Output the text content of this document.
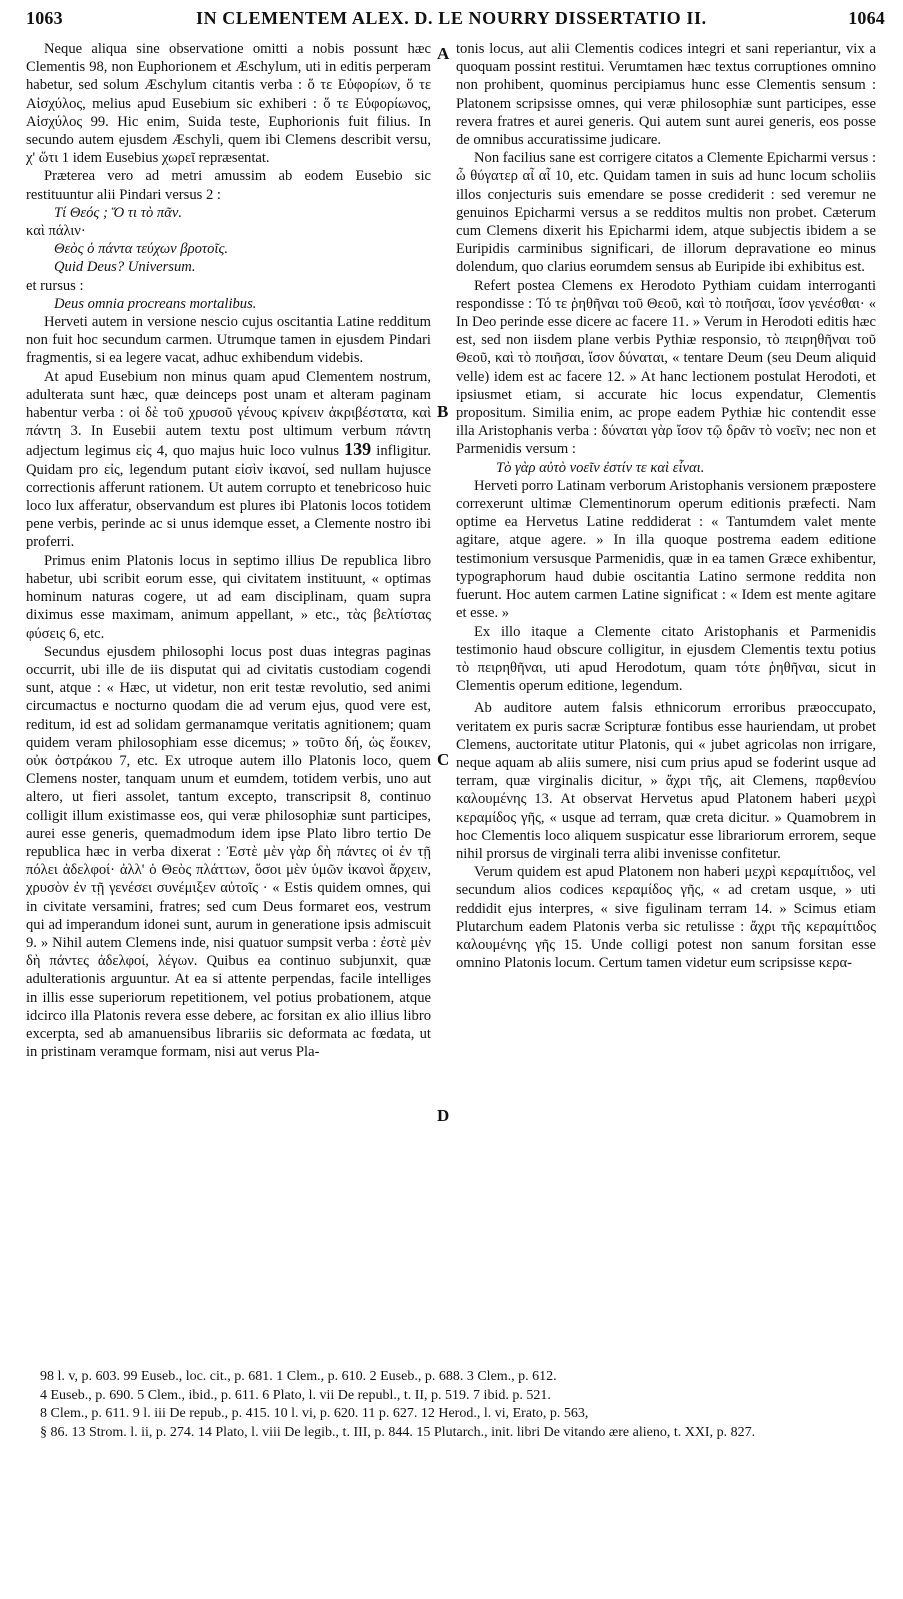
1063	IN CLEMENTEM ALEX. D. LE NOURRY DISSERTATIO II.	1064
A
B
C
D

Neque aliqua sine observatione omitti a nobis possunt hæc Clementis 98, non Euphorionem et Æschylum, uti in editis perperam habetur, sed solum Æschylum citantis verba : ὅ τε Εὐφορίων, ὅ τε Αἰσχύλος, melius apud Eusebium sic exhiberi : ὅ τε Εὐφορίωνος, Αἰσχύλος 99. Hic enim, Suida teste, Euphorionis fuit filius. In secundo autem ejusdem Æschyli, quem ibi Clemens describit versu, χ' ὥτι 1 idem Eusebius χωρεῖ repræsentat.

Præterea vero ad metri amussim ab eodem Eusebio sic restituuntur alii Pindari versus 2 :

Τί Θεός ; Ὅ τι τὸ πᾶν.

καὶ πάλιν·

Θεὸς ὁ πάντα τεύχων βροτοῖς.

Quid Deus? Universum.

et rursus :

Deus omnia procreans mortalibus.

Herveti autem in versione nescio cujus oscitantia Latine redditum non fuit hoc secundum carmen. Utrumque tamen in ejusdem Pindari fragmentis, si ea legere vacat, adhuc exhibendum videbis.

At apud Eusebium non minus quam apud Clementem nostrum, adulterata sunt hæc, quæ deinceps post unam et alteram paginam habentur verba : οἱ δὲ τοῦ χρυσοῦ γένους κρίνειν ἀκριβέστατα, καὶ πάντη 3. In Eusebii autem textu post ultimum verbum πάντη adjectum legimus εἰς 4, quo majus huic loco vulnus 139 infligitur. Quidam pro εἰς, legendum putant εἰσὶν ἱκανοί, sed nullam hujusce correctionis afferunt rationem. Ut autem corrupto et tenebricoso huic loco lux afferatur, observandum est plures ibi Platonis locos totidem pene verbis, perinde ac si unus idemque esset, a Clemente nostro ibi proferri.

Primus enim Platonis locus in septimo illius De republica libro habetur, ubi scribit eorum esse, qui civitatem instituunt, « optimas hominum naturas cogere, ut ad eam disciplinam, quam supra diximus esse maximam, animum appellant, » etc., τὰς βελτίστας φύσεις 6, etc.

Secundus ejusdem philosophi locus post duas integras paginas occurrit, ubi ille de iis disputat qui ad civitatis custodiam cogendi sunt, atque : « Hæc, ut videtur, non erit testæ revolutio, sed animi circumactus e nocturno quodam die ad verum ejus, quod vere est, reditum, id est ad solidam germanamque veritatis agnitionem; quam quidem veram philosophiam esse dicemus; » τοῦτο δή, ὡς ἔοικεν, οὐκ ὀστράκου 7, etc. Ex utroque autem illo Platonis loco, quem Clemens noster, tanquam unum et eumdem, totidem verbis, uno aut altero, ut fieri assolet, tantum excepto, transcripsit 8, continuo colligit illum existimasse eos, qui veræ philosophiæ sunt participes, aurei esse generis, quemadmodum idem ipse Plato libro tertio De republica hæc in verba dixerat : Ἐστὲ μὲν γὰρ δὴ πάντες οἱ ἐν τῇ πόλει ἀδελφοί· ἀλλ' ὁ Θεὸς πλάττων, ὅσοι μὲν ὑμῶν ἱκανοὶ ἄρχειν, χρυσὸν ἐν τῇ γενέσει συνέμιξεν αὐτοῖς · « Estis quidem omnes, qui in civitate versamini, fratres; sed cum Deus formaret eos, vestrum qui ad imperandum idonei sunt, aurum in generatione ipsis admiscuit 9. » Nihil autem Clemens inde, nisi quatuor sumpsit verba : ἐστὲ μὲν δὴ πάντες ἀδελφοί, λέγων. Quibus ea continuo subjunxit, quæ adulterationis arguuntur. At ea si attente perpendas, facile intelliges in illis esse superiorum repetitionem, vel potius probationem, atque idcirco illa Platonis revera esse debere, ac forsitan ex alio illius libro excerpta, sed ab amanuensibus librariis sic deformata ac fœdata, ut in pristinam veramque formam, nisi aut verus Pla-

tonis locus, aut alii Clementis codices integri et sani reperiantur, vix a quoquam possint restitui. Verumtamen hæc textus corruptiones omnino non prohibent, quominus percipiamus hunc esse Clementis sensum : Platonem scripsisse omnes, qui veræ philosophiæ sunt participes, esse revera fratres et aurei generis. Qui autem sunt aurei generis, eos posse de omnibus accuratissime judicare.

Non facilius sane est corrigere citatos a Clemente Epicharmi versus : ὦ θύγατερ αἶ αἶ 10, etc. Quidam tamen in suis ad hunc locum scholiis illos conjecturis suis emendare se posse crediderit : sed veremur ne genuinos Epicharmi versus a se redditos multis non probet. Cæterum cum Clemens dixerit his Epicharmi idem, atque subjectis ibidem a se Euripidis carminibus significari, de illorum depravatione eo minus dolendum, quo clarius eorumdem sensus ab Euripide ibi exhibitus est.

Refert postea Clemens ex Herodoto Pythiam cuidam interroganti respondisse : Τό τε ῥηθῆναι τοῦ Θεοῦ, καὶ τὸ ποιῆσαι, ἴσον γενέσθαι· « In Deo perinde esse dicere ac facere 11. » Verum in Herodoti editis hæc est, sed non iisdem plane verbis Pythiæ responsio, τὸ πειρηθῆναι τοῦ Θεοῦ, καὶ τὸ ποιῆσαι, ἴσον δύναται, « tentare Deum (seu Deum aliquid velle) idem est ac facere 12. » At hanc lectionem postulat Herodoti, et ipsiusmet etiam, si accurate hic locus expendatur, Clementis propositum. Similia enim, ac prope eadem Pythiæ hic contendit esse illa Aristophanis verba : δύναται γὰρ ἴσον τῷ δρᾶν τὸ νοεῖν; nec non et Parmenidis versum :

Τὸ γὰρ αὐτὸ νοεῖν ἐστίν τε καὶ εἶναι.

Herveti porro Latinam verborum Aristophanis versionem præpostere correxerunt ultimæ Clementinorum operum editionis præfecti. Nam optime ea Hervetus Latine reddiderat : « Tantumdem valet mente agitare, atque agere. » In illa quoque postrema eadem editione testimonium versusque Parmenidis, quæ in ea tamen Græce exhibentur, typographorum haud dubie oscitantia Latino sermone reddita non fuerunt. Hoc autem carmen Latine significat : « Idem est mente agitare et esse. »

Ex illo itaque a Clemente citato Aristophanis et Parmenidis testimonio haud obscure colligitur, in ejusdem Clementis textu potius τὸ πειρηθῆναι, uti apud Herodotum, quam τότε ῥηθῆναι, sicut in Clementis operum editione, legendum.

Ab auditore autem falsis ethnicorum erroribus præoccupato, veritatem ex puris sacræ Scripturæ fontibus esse hauriendam, ut probet Clemens, auctoritate utitur Platonis, qui « jubet agricolas non irrigare, neque aquam ab aliis sumere, nisi cum prius apud se foderint usque ad terram, quæ virginalis dicitur, » ἄχρι τῆς, ait Clemens, παρθενίου καλουμένης 13. At observat Hervetus apud Platonem haberi μεχρὶ κεραμίδος γῆς, « usque ad terram, quæ creta dicitur. » Quamobrem in hoc Clementis loco aliquem suspicatur esse librariorum errorem, seque nihil prorsus de virginali terra alibi invenisse confitetur.

Verum quidem est apud Platonem non haberi μεχρὶ κεραμίτιδος, vel secundum alios codices κεραμίδος γῆς, « ad cretam usque, » uti reddidit ejus interpres, « sive figulinam terram 14. » Scimus etiam Plutarchum eadem Platonis verba sic retulisse : ἄχρι τῆς κεραμίτιδος καλουμένης γῆς 15. Unde colligi potest non sanum forsitan esse omnino Platonis locum. Certum tamen videtur eum scripsisse κερα-

98 l. v, p. 603. 99 Euseb., loc. cit., p. 681. 1 Clem., p. 610. 2 Euseb., p. 688. 3 Clem., p. 612.

4 Euseb., p. 690. 5 Clem., ibid., p. 611. 6 Plato, l. vii De republ., t. II, p. 519. 7 ibid. p. 521.

8 Clem., p. 611. 9 l. iii De repub., p. 415. 10 l. vi, p. 620. 11 p. 627. 12 Herod., l. vi, Erato, p. 563,

§ 86. 13 Strom. l. ii, p. 274. 14 Plato, l. viii De legib., t. III, p. 844. 15 Plutarch., init. libri De vitando ære alieno, t. XXI, p. 827.
